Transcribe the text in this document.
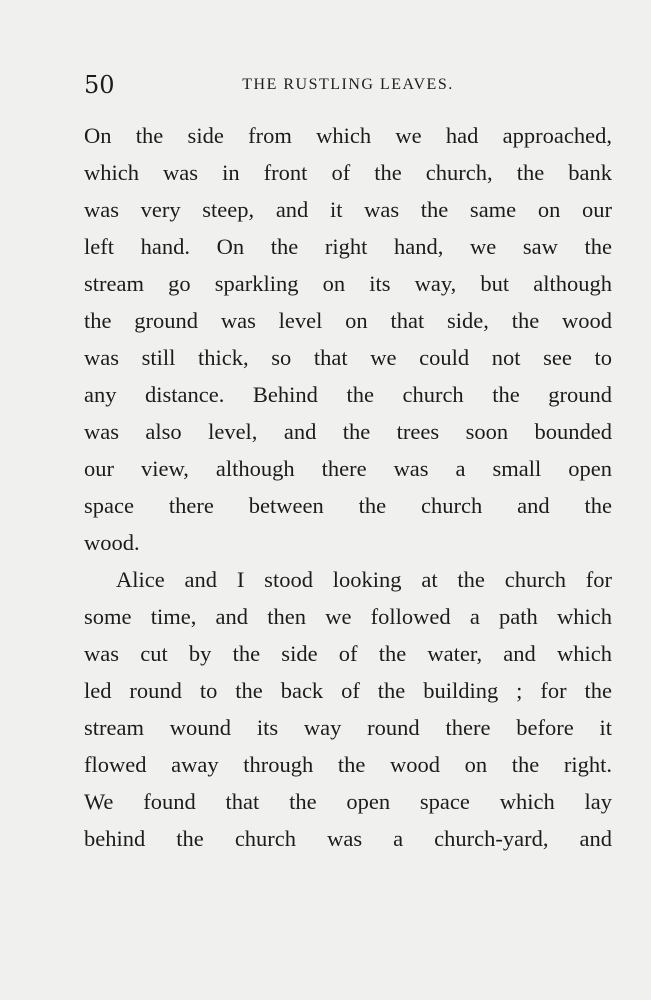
50	THE RUSTLING LEAVES.
On the side from which we had approached,
which was in front of the church, the bank
was very steep, and it was the same on our
left hand. On the right hand, we saw the
stream go sparkling on its way, but although
the ground was level on that side, the wood
was still thick, so that we could not see to
any distance. Behind the church the ground
was also level, and the trees soon bounded
our view, although there was a small open
space there between the church and the
wood.
Alice and I stood looking at the church for
some time, and then we followed a path which
was cut by the side of the water, and which
led round to the back of the building ; for the
stream wound its way round there before it
flowed away through the wood on the right.
We found that the open space which lay
behind the church was a church-yard, and
